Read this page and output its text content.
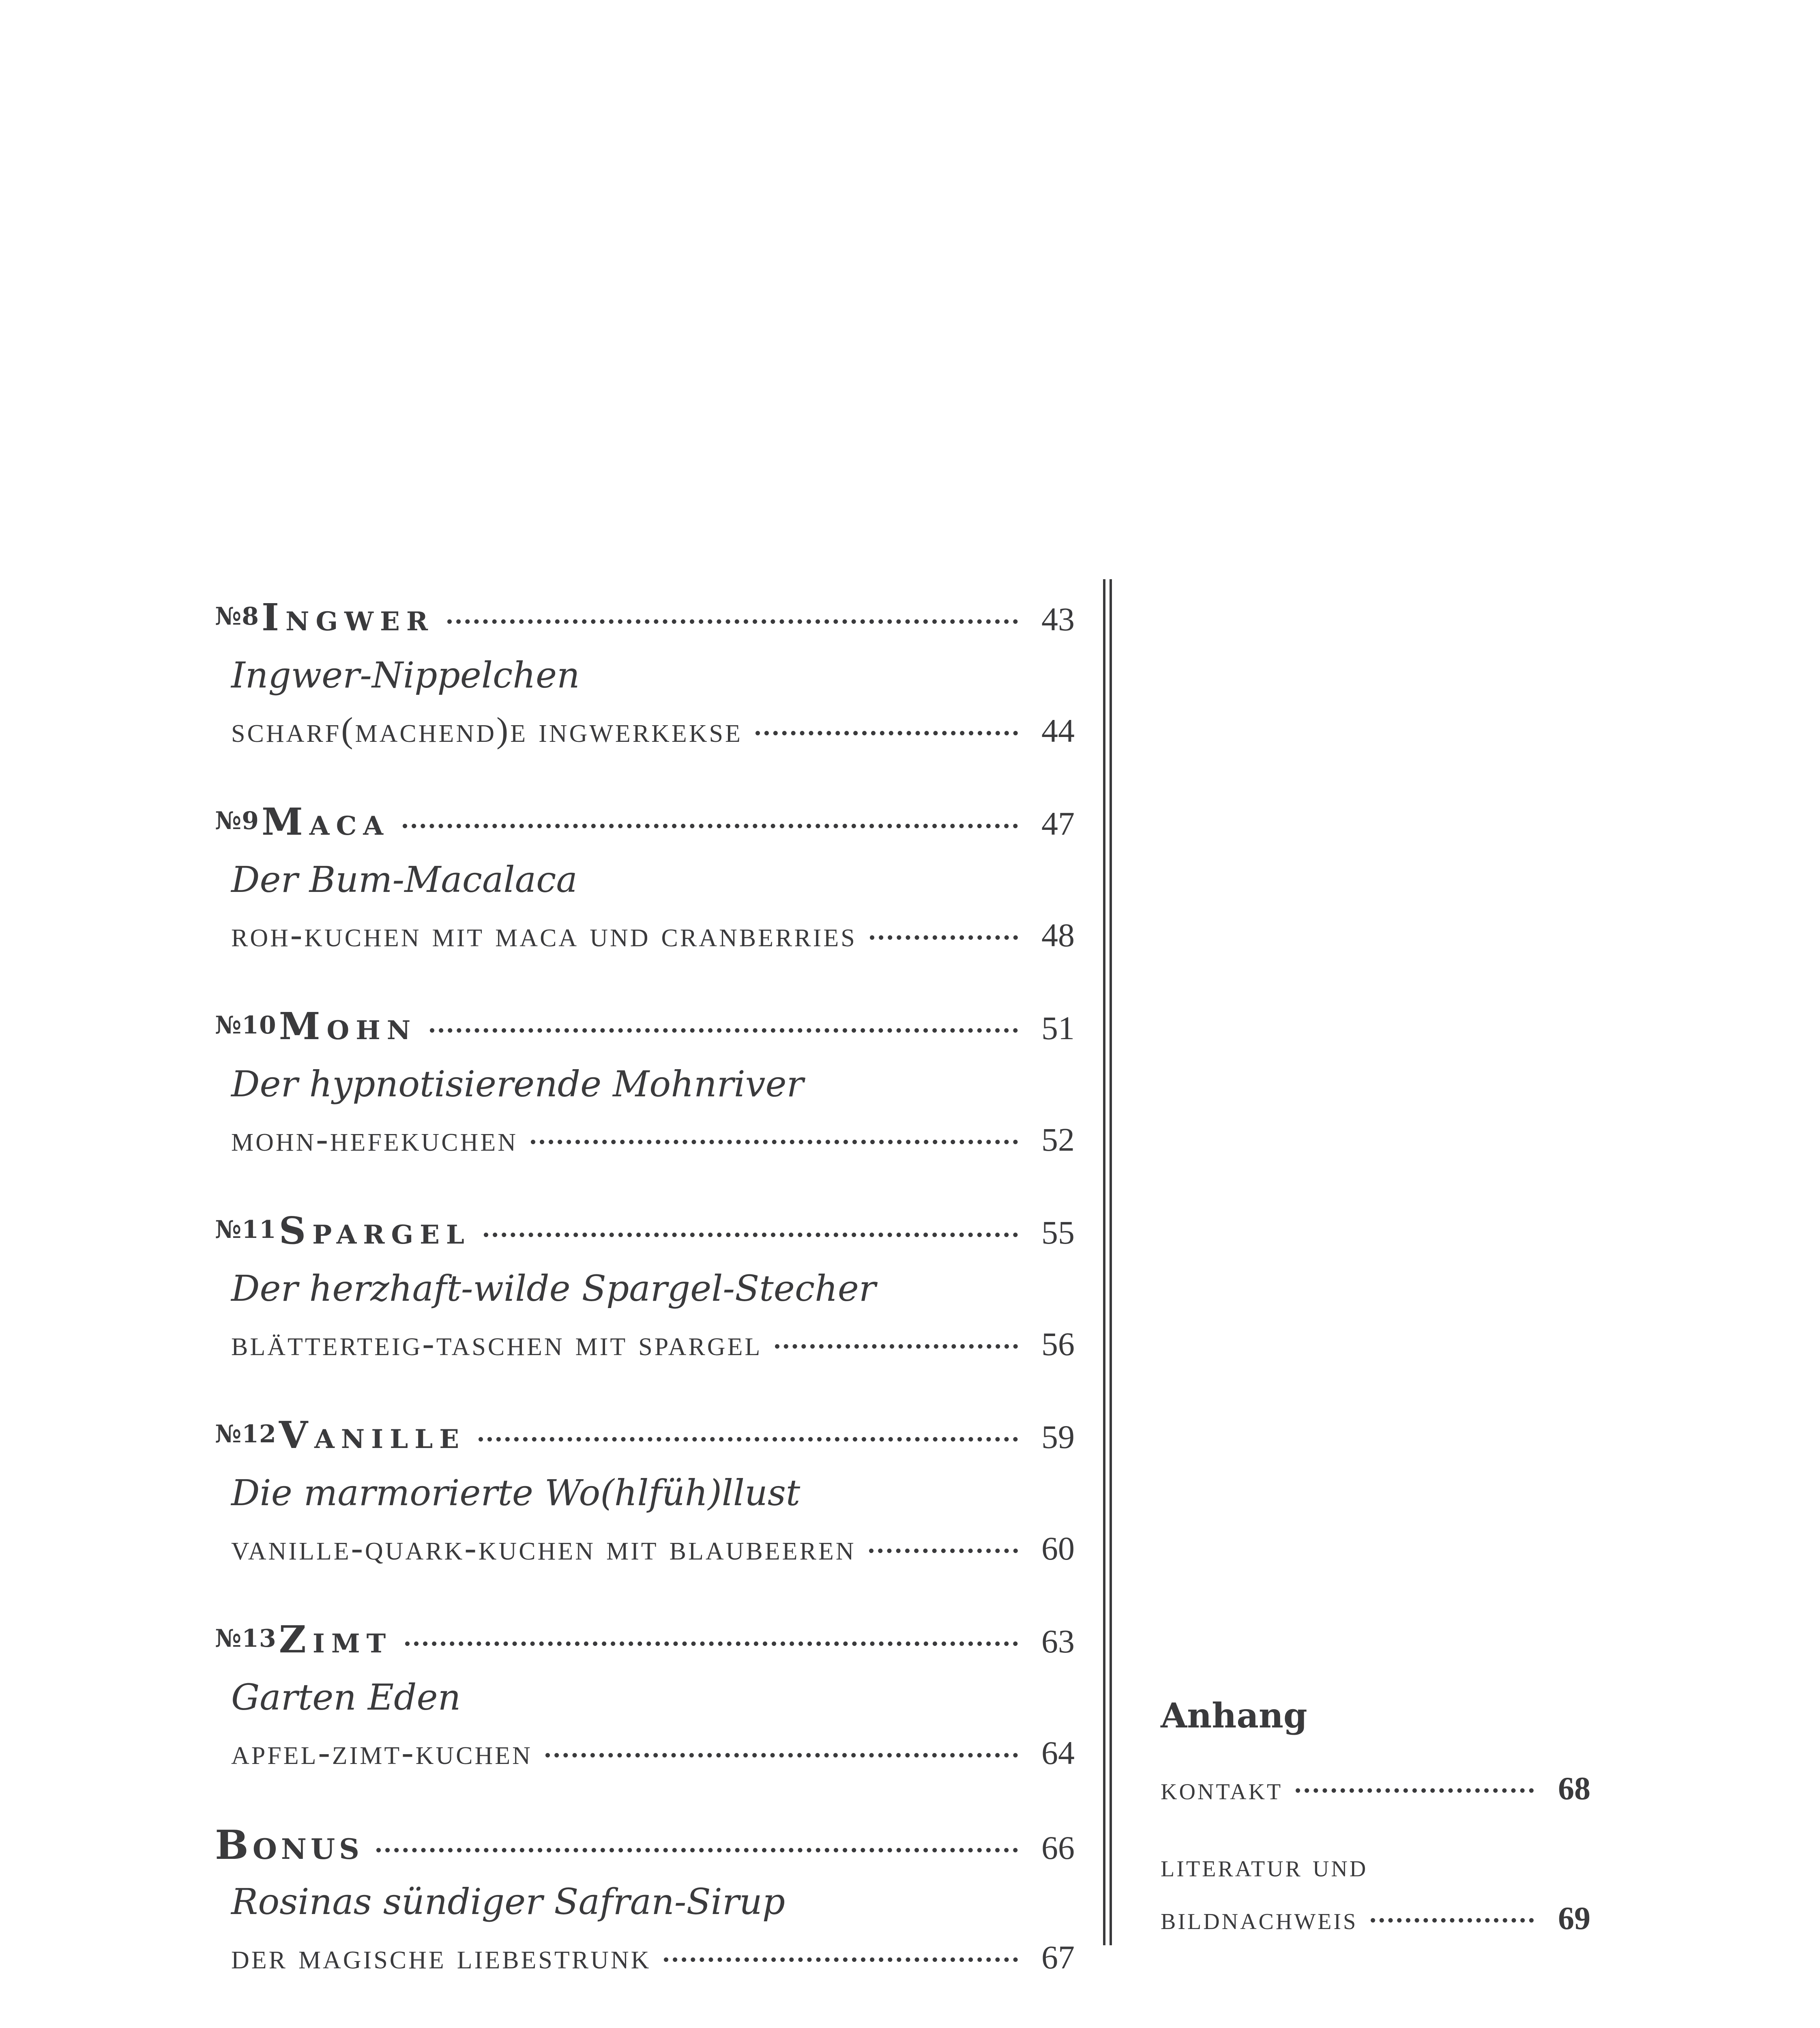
№8 Ingwer	43
Ingwer-Nippelchen
scharf(machend)e ingwerkekse	44
№9 Maca	47
Der Bum-Macalaca
roh-kuchen mit maca und cranberries	48
№10 Mohn	51
Der hypnotisierende Mohnriver
mohn-hefekuchen	52
№11 Spargel	55
Der herzhaft-wilde Spargel-Stecher
blätterteig-taschen mit spargel	56
№12 Vanille	59
Die marmorierte Wo(hlfüh)llust
vanille-quark-kuchen mit blaubeeren	60
№13 Zimt	63
Garten Eden
apfel-zimt-kuchen	64
Bonus	66
Rosinas sündiger Safran-Sirup
der magische liebestrunk	67
Anhang
kontakt	68
literatur und
bildnachweis	69
